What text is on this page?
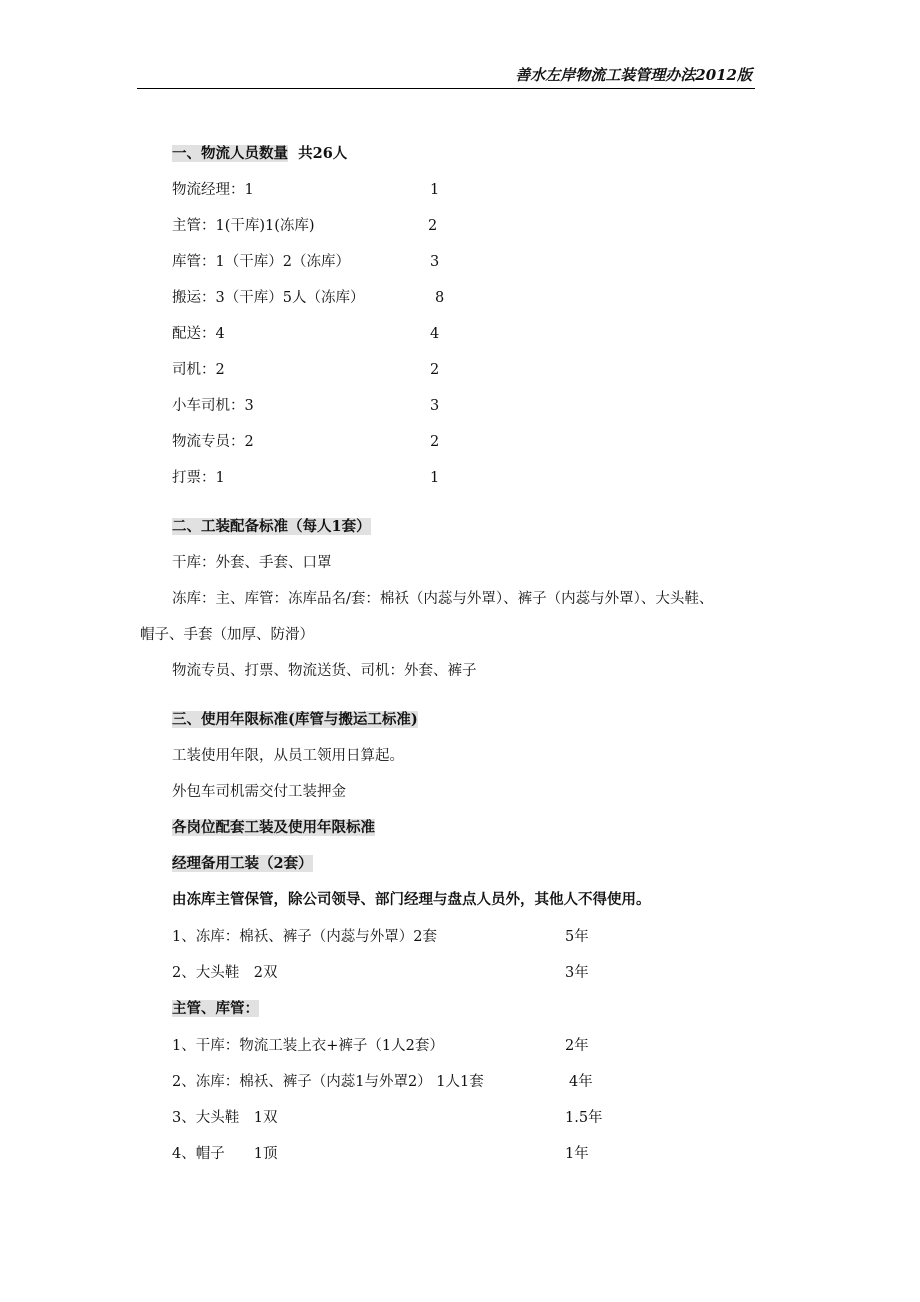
善水左岸物流工装管理办法2012版
一、物流人员数量 共26人
物流经理：1	1
主管：1(干库)1(冻库)	2
库管：1（干库）2（冻库）	3
搬运：3（干库）5人（冻库）	8
配送：4	4
司机：2	2
小车司机：3	3
物流专员：2	2
打票：1	1
二、工装配备标准（每人1套）
干库：外套、手套、口罩
冻库：主、库管：冻库品名/套：棉袄（内蕊与外罩）、裤子（内蕊与外罩）、大头鞋、
帽子、手套（加厚、防滑）
物流专员、打票、物流送货、司机：外套、裤子
三、使用年限标准(库管与搬运工标准)
工装使用年限，从员工领用日算起。
外包车司机需交付工装押金
各岗位配套工装及使用年限标准
经理备用工装（2套）
由冻库主管保管，除公司领导、部门经理与盘点人员外，其他人不得使用。
1、冻库：棉袄、裤子（内蕊与外罩）2套	5年
2、大头鞋　2双	3年
主管、库管：
1、干库：物流工装上衣+裤子（1人2套）	2年
2、冻库：棉袄、裤子（内蕊1与外罩2） 1人1套	4年
3、大头鞋　1双	1.5年
4、帽子　　1顶	1年
